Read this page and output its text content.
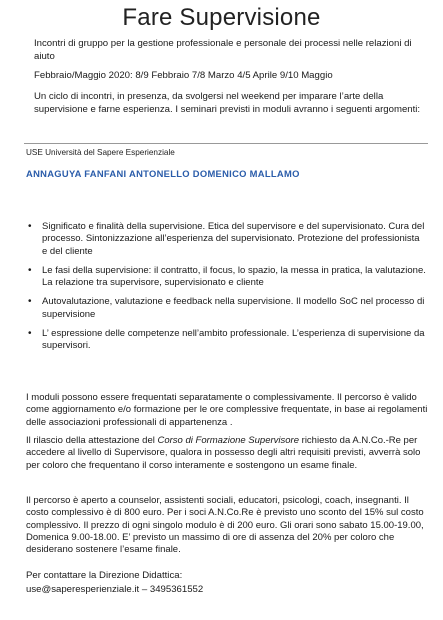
Fare Supervisione
Incontri di gruppo per la gestione professionale e personale dei processi nelle relazioni di aiuto
Febbraio/Maggio 2020: 8/9 Febbraio 7/8 Marzo 4/5 Aprile 9/10 Maggio
Un ciclo di incontri, in presenza, da svolgersi nel weekend per imparare l’arte della supervisione e farne esperienza. I seminari previsti in moduli avranno i seguenti argomenti:
USE Università del Sapere Esperienziale
ANNAGUYA FANFANI ANTONELLO DOMENICO MALLAMO
• Significato e finalità della supervisione. Etica del supervisore e del supervisionato. Cura del processo. Sintonizzazione all’esperienza del supervisionato. Protezione del professionista e del cliente
• Le fasi della supervisione: il contratto, il focus, lo spazio, la messa in pratica, la valutazione. La relazione tra supervisore, supervisionato e cliente
• Autovalutazione, valutazione e feedback nella supervisione. Il modello SoC nel processo di supervisione
• L’ espressione delle competenze nell’ambito professionale. L’esperienza di supervisione da supervisori.
I moduli possono essere frequentati separatamente o complessivamente. Il percorso è valido come aggiornamento e/o formazione per le ore complessive frequentate, in base ai regolamenti delle associazioni professionali di appartenenza .
Il rilascio della attestazione del Corso di Formazione Supervisore richiesto da A.N.Co.-Re per accedere al livello di Supervisore, qualora in possesso degli altri requisiti previsti, avverrà solo per coloro che frequentano il corso interamente e sostengono un esame finale.
Il percorso è aperto a counselor, assistenti sociali, educatori, psicologi, coach, insegnanti. Il costo complessivo è di 800 euro. Per i soci A.N.Co.Re è previsto uno sconto del 15% sul costo complessivo. Il prezzo di ogni singolo modulo è di 200 euro. Gli orari sono sabato 15.00-19.00, Domenica 9.00-18.00. E’ previsto un massimo di ore di assenza del 20% per coloro che desiderano sostenere l’esame finale.
Per contattare la Direzione Didattica:
use@saperesperienziale.it – 3495361552
